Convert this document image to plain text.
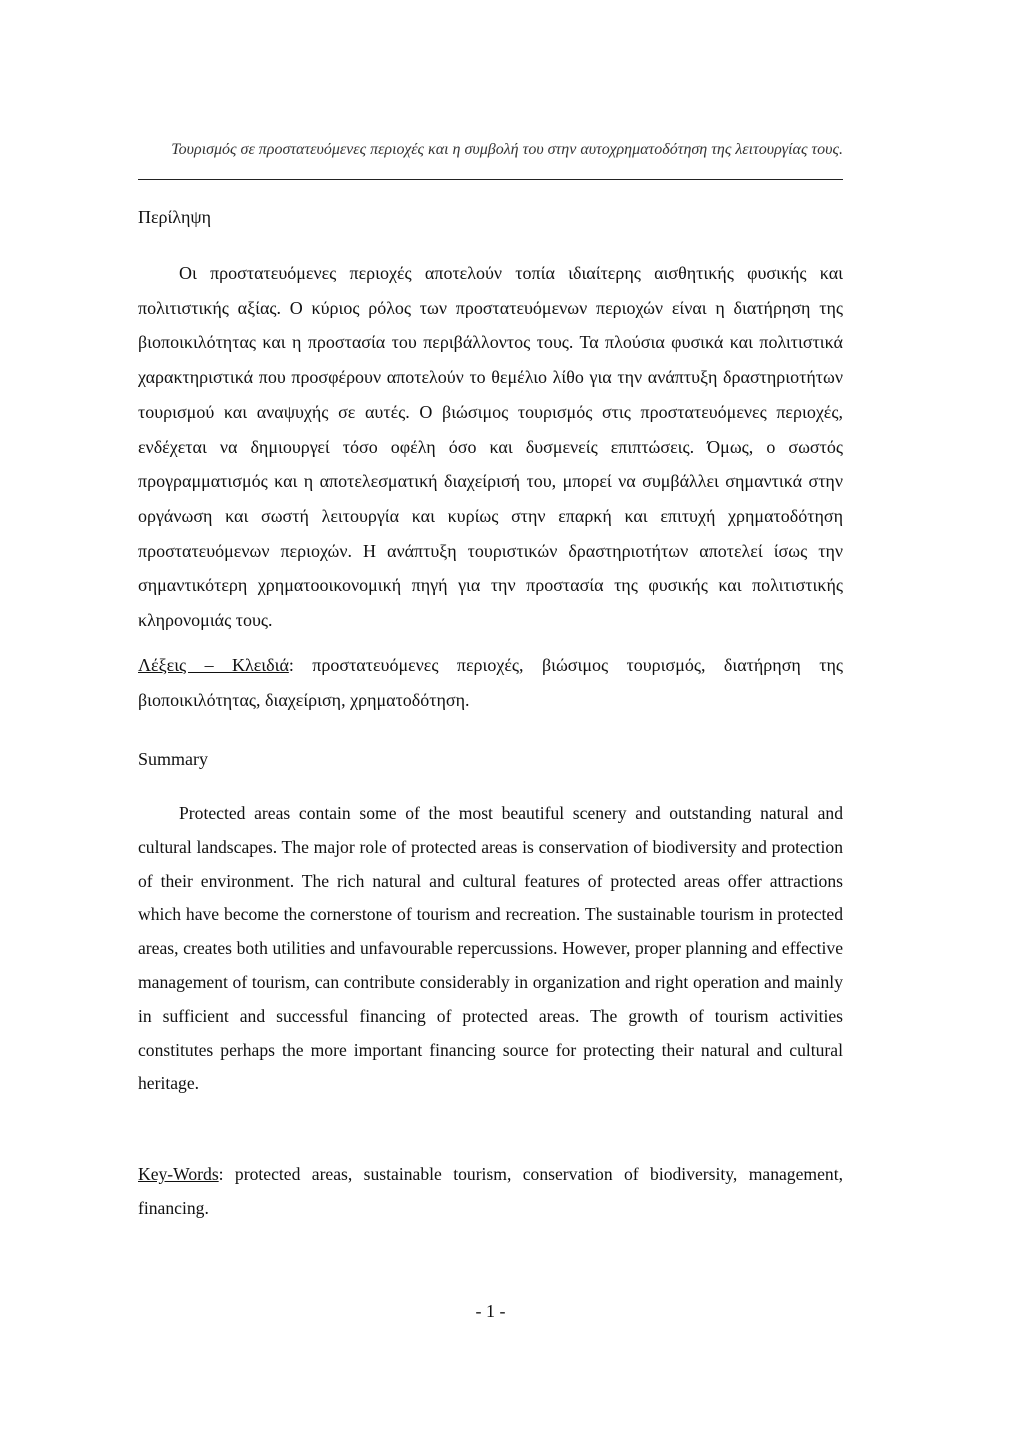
Τουρισμός σε προστατευόμενες περιοχές και η συμβολή του στην αυτοχρηματοδότηση της λειτουργίας τους.
Περίληψη

Οι προστατευόμενες περιοχές αποτελούν τοπία ιδιαίτερης αισθητικής φυσικής και πολιτιστικής αξίας. Ο κύριος ρόλος των προστατευόμενων περιοχών είναι η διατήρηση της βιοποικιλότητας και η προστασία του περιβάλλοντος τους. Τα πλούσια φυσικά και πολιτιστικά χαρακτηριστικά που προσφέρουν αποτελούν το θεμέλιο λίθο για την ανάπτυξη δραστηριοτήτων τουρισμού και αναψυχής σε αυτές. Ο βιώσιμος τουρισμός στις προστατευόμενες περιοχές, ενδέχεται να δημιουργεί τόσο οφέλη όσο και δυσμενείς επιπτώσεις. Όμως, ο σωστός προγραμματισμός και η αποτελεσματική διαχείρισή του, μπορεί να συμβάλλει σημαντικά στην οργάνωση και σωστή λειτουργία και κυρίως στην επαρκή και επιτυχή χρηματοδότηση προστατευόμενων περιοχών. Η ανάπτυξη τουριστικών δραστηριοτήτων αποτελεί ίσως την σημαντικότερη χρηματοοικονομική πηγή για την προστασία της φυσικής και πολιτιστικής κληρονομιάς τους.

Λέξεις – Κλειδιά: προστατευόμενες περιοχές, βιώσιμος τουρισμός, διατήρηση της βιοποικιλότητας, διαχείριση, χρηματοδότηση.

Summary

Protected areas contain some of the most beautiful scenery and outstanding natural and cultural landscapes. The major role of protected areas is conservation of biodiversity and protection of their environment. The rich natural and cultural features of protected areas offer attractions which have become the cornerstone of tourism and recreation. The sustainable tourism in protected areas, creates both utilities and unfavourable repercussions. However, proper planning and effective management of tourism, can contribute considerably in organization and right operation and mainly in sufficient and successful financing of protected areas. The growth of tourism activities constitutes perhaps the more important financing source for protecting their natural and cultural heritage.

Key-Words: protected areas, sustainable tourism, conservation of biodiversity, management, financing.

- 1 -
